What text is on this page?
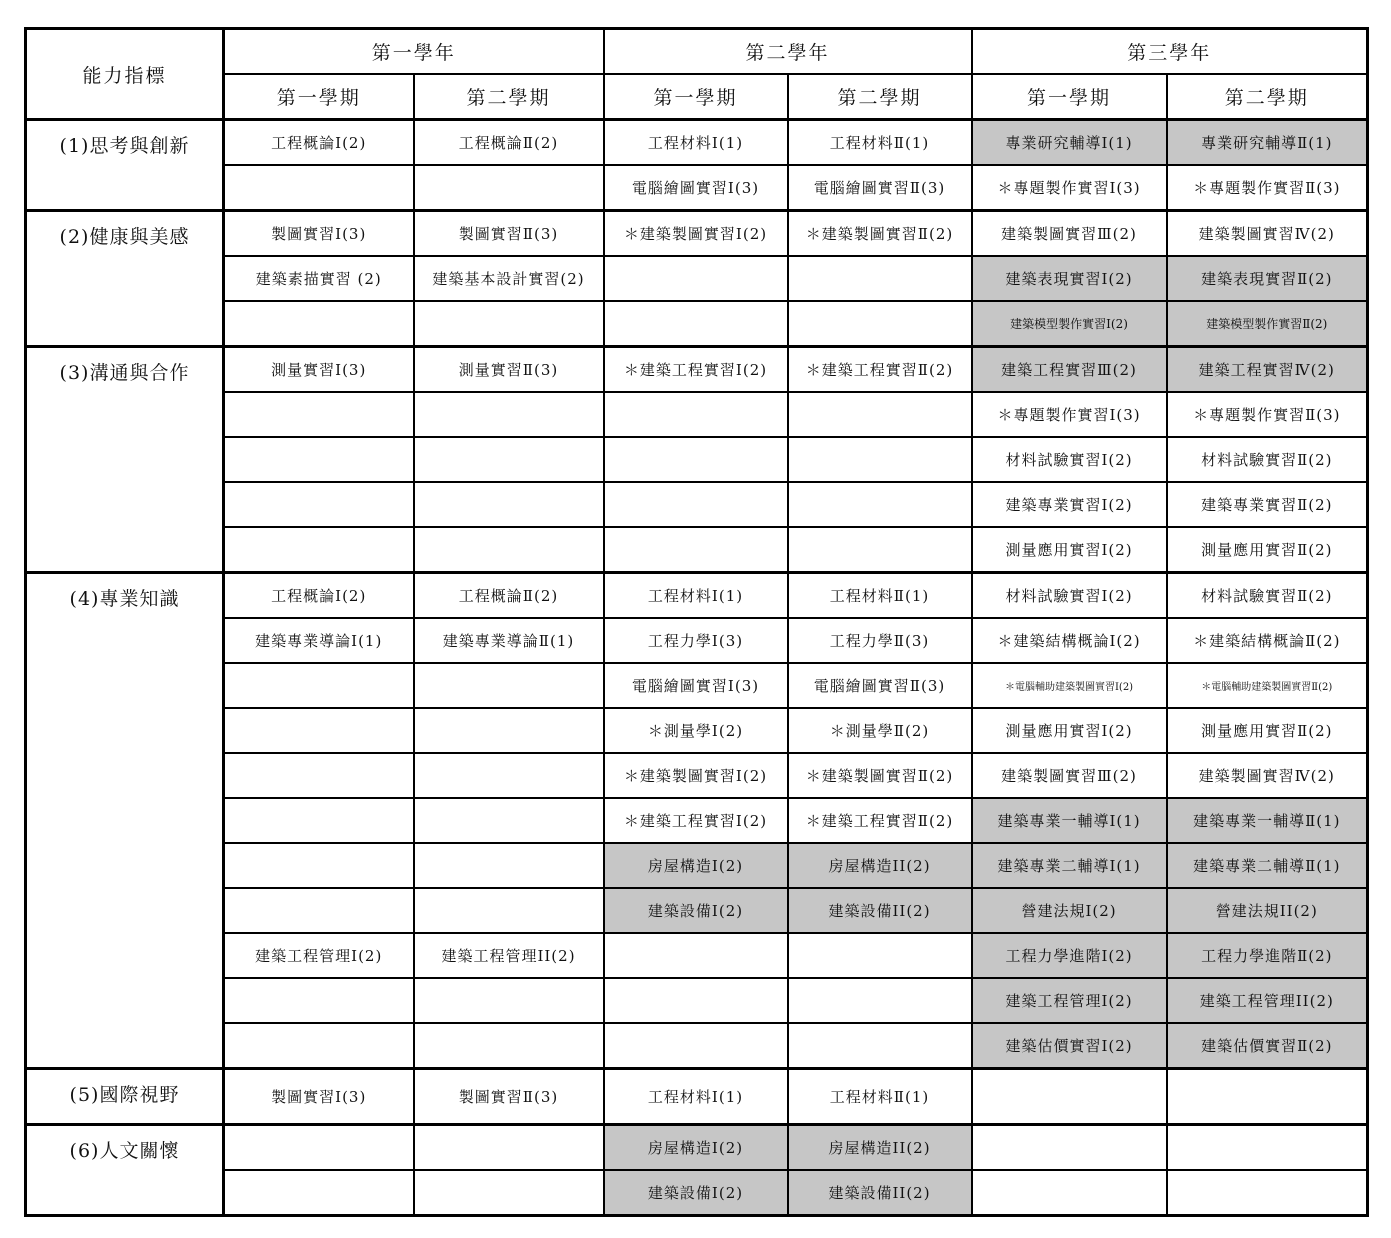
能力指標	第一學年		第二學年		第三學年	
	第一學期	第二學期	第一學期	第二學期	第一學期	第二學期
(1)思考與創新	工程概論Ⅰ(2)	工程概論Ⅱ(2)	工程材料Ⅰ(1)	工程材料Ⅱ(1)	專業研究輔導Ⅰ(1)	專業研究輔導Ⅱ(1)
			電腦繪圖實習Ⅰ(3)	電腦繪圖實習Ⅱ(3)	＊專題製作實習Ⅰ(3)	＊專題製作實習Ⅱ(3)
(2)健康與美感	製圖實習Ⅰ(3)	製圖實習Ⅱ(3)	＊建築製圖實習Ⅰ(2)	＊建築製圖實習Ⅱ(2)	建築製圖實習Ⅲ(2)	建築製圖實習Ⅳ(2)
	建築素描實習 (2)	建築基本設計實習(2)			建築表現實習Ⅰ(2)	建築表現實習Ⅱ(2)
					建築模型製作實習Ⅰ(2)	建築模型製作實習Ⅱ(2)
(3)溝通與合作	測量實習Ⅰ(3)	測量實習Ⅱ(3)	＊建築工程實習Ⅰ(2)	＊建築工程實習Ⅱ(2)	建築工程實習Ⅲ(2)	建築工程實習Ⅳ(2)
					＊專題製作實習Ⅰ(3)	＊專題製作實習Ⅱ(3)
					材料試驗實習Ⅰ(2)	材料試驗實習Ⅱ(2)
					建築專業實習Ⅰ(2)	建築專業實習Ⅱ(2)
					測量應用實習Ⅰ(2)	測量應用實習Ⅱ(2)
(4)專業知識	工程概論Ⅰ(2)	工程概論Ⅱ(2)	工程材料Ⅰ(1)	工程材料Ⅱ(1)	材料試驗實習Ⅰ(2)	材料試驗實習Ⅱ(2)
	建築專業導論Ⅰ(1)	建築專業導論Ⅱ(1)	工程力學Ⅰ(3)	工程力學Ⅱ(3)	＊建築結構概論I(2)	＊建築結構概論Ⅱ(2)
			電腦繪圖實習Ⅰ(3)	電腦繪圖實習Ⅱ(3)	＊電腦輔助建築製圖實習Ⅰ(2)	＊電腦輔助建築製圖實習Ⅱ(2)
			＊測量學Ⅰ(2)	＊測量學Ⅱ(2)	測量應用實習Ⅰ(2)	測量應用實習Ⅱ(2)
			＊建築製圖實習Ⅰ(2)	＊建築製圖實習Ⅱ(2)	建築製圖實習Ⅲ(2)	建築製圖實習Ⅳ(2)
			＊建築工程實習Ⅰ(2)	＊建築工程實習Ⅱ(2)	建築專業一輔導Ⅰ(1)	建築專業一輔導Ⅱ(1)
			房屋構造I(2)	房屋構造II(2)	建築專業二輔導Ⅰ(1)	建築專業二輔導Ⅱ(1)
			建築設備I(2)	建築設備II(2)	營建法規I(2)	營建法規II(2)
	建築工程管理I(2)	建築工程管理II(2)			工程力學進階Ⅰ(2)	工程力學進階Ⅱ(2)
					建築工程管理I(2)	建築工程管理II(2)
					建築估價實習Ⅰ(2)	建築估價實習Ⅱ(2)
(5)國際視野	製圖實習Ⅰ(3)	製圖實習Ⅱ(3)	工程材料Ⅰ(1)	工程材料Ⅱ(1)		
(6)人文關懷			房屋構造I(2)	房屋構造II(2)		
			建築設備I(2)	建築設備II(2)		
